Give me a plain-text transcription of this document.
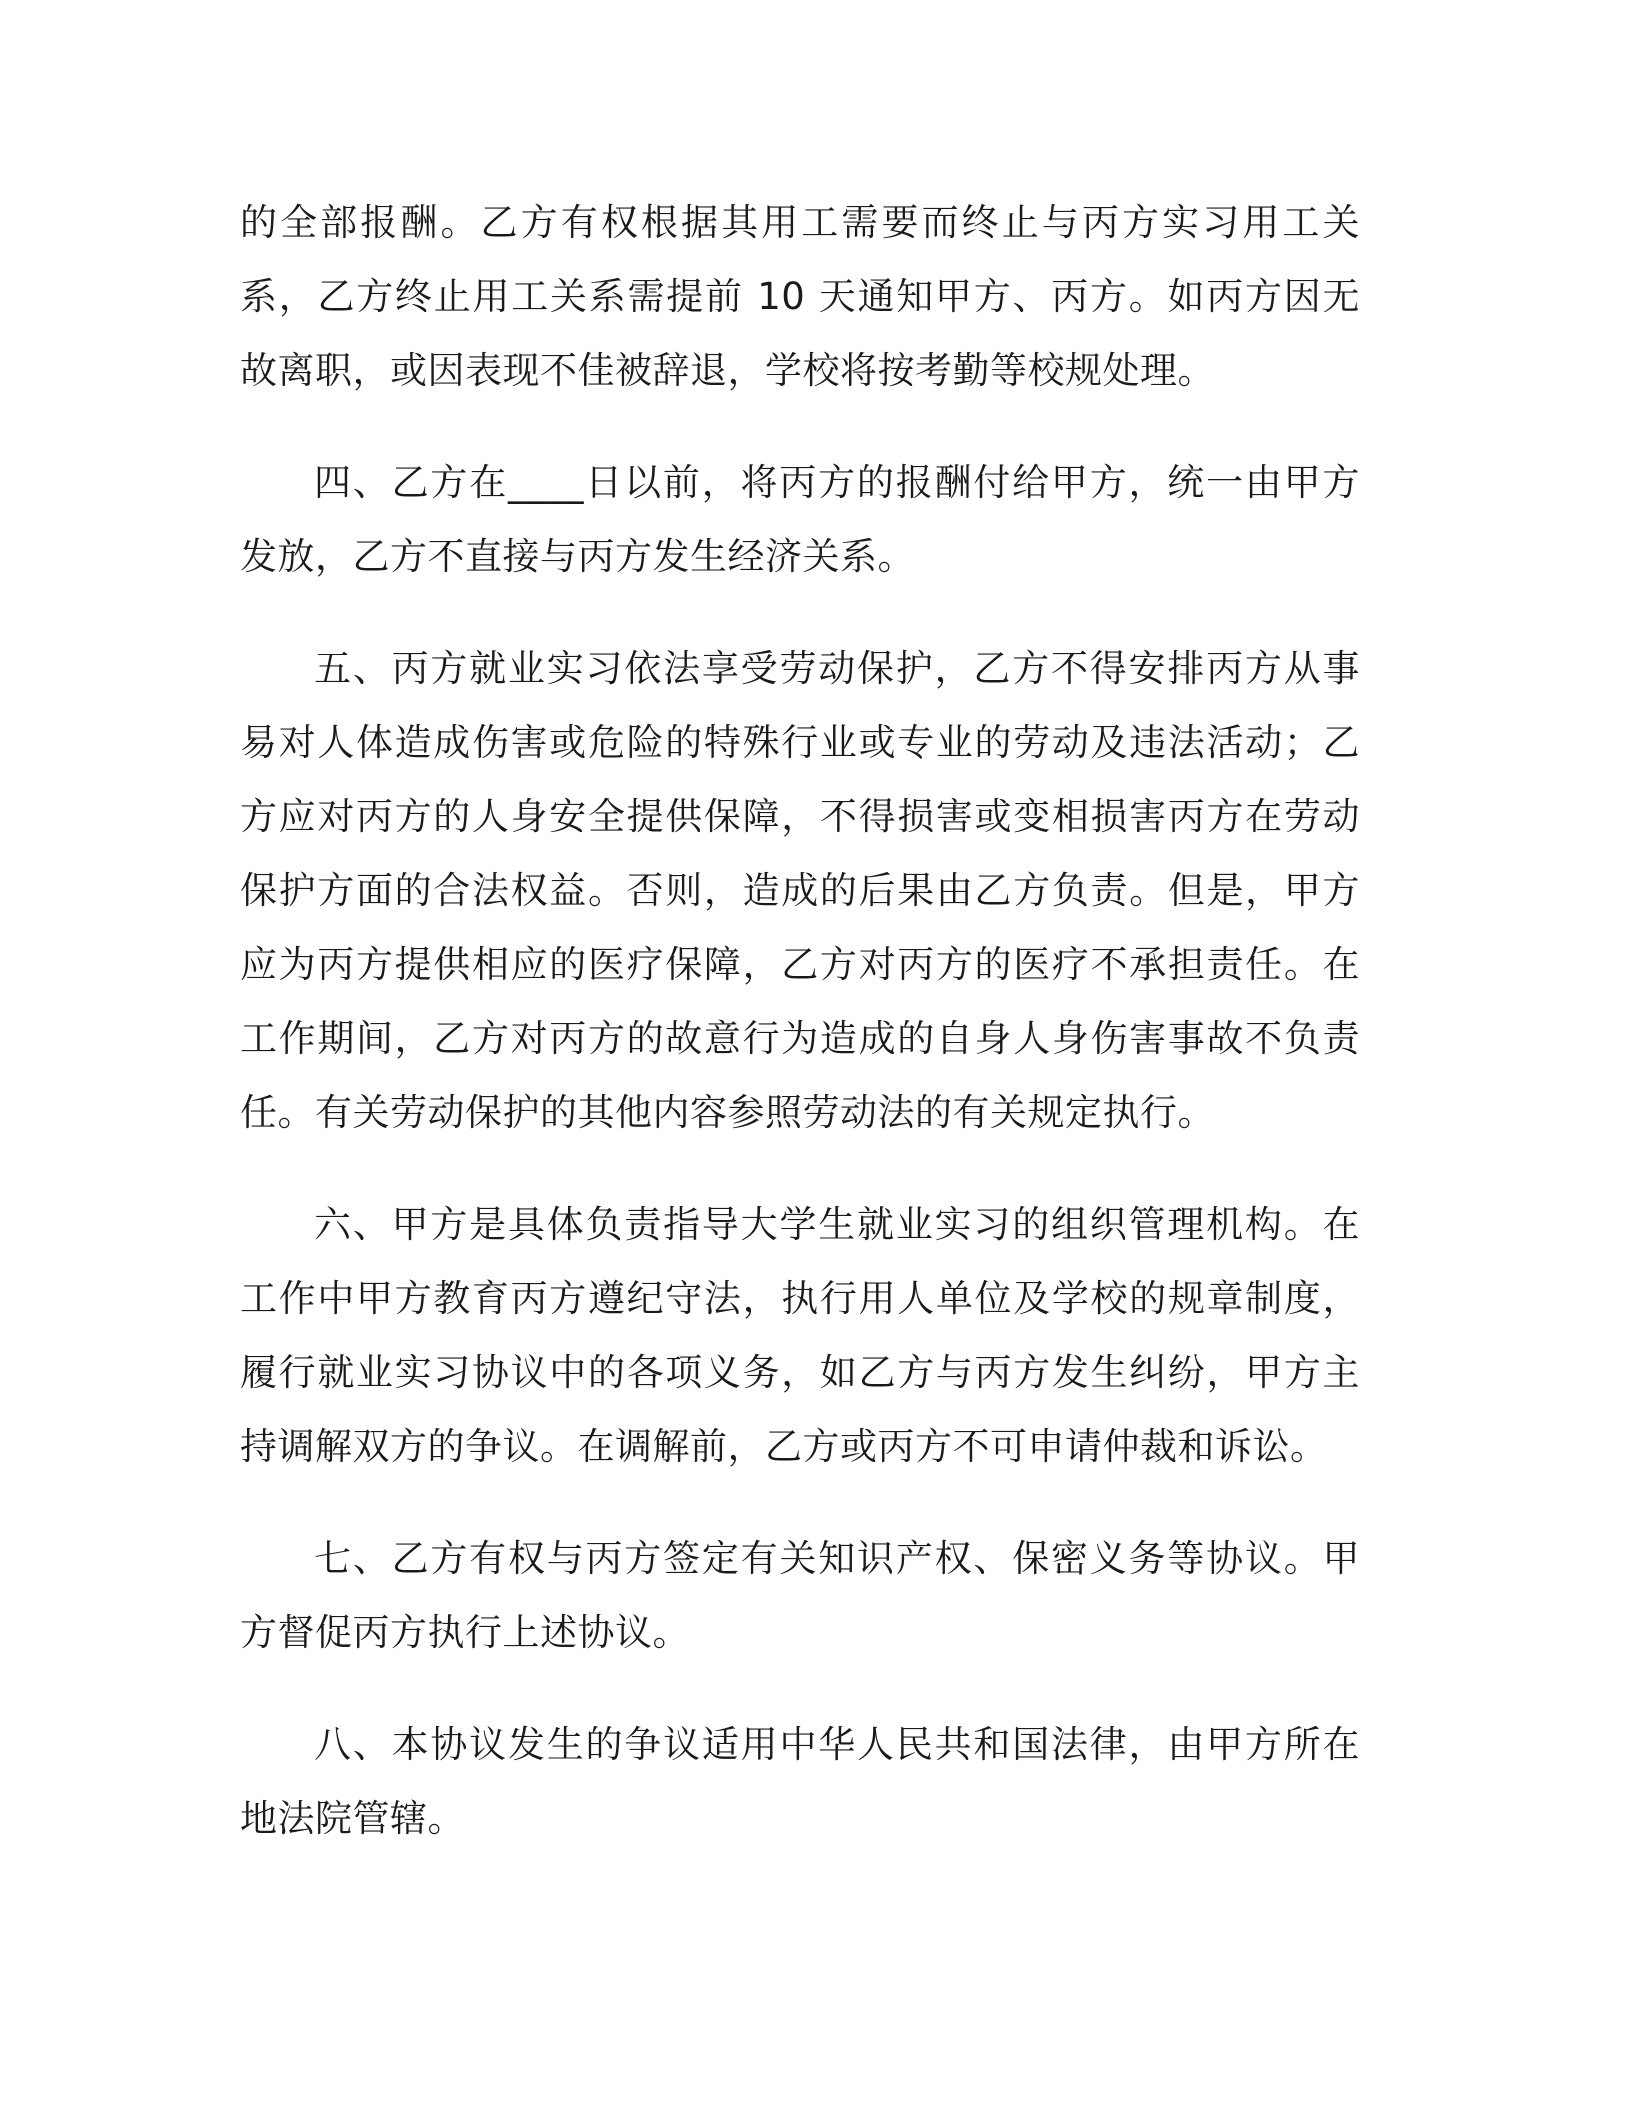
的全部报酬。乙方有权根据其用工需要而终止与丙方实习用工关系，乙方终止用工关系需提前 10 天通知甲方、丙方。如丙方因无故离职，或因表现不佳被辞退，学校将按考勤等校规处理。

四、乙方在____日以前，将丙方的报酬付给甲方，统一由甲方发放，乙方不直接与丙方发生经济关系。

五、丙方就业实习依法享受劳动保护，乙方不得安排丙方从事易对人体造成伤害或危险的特殊行业或专业的劳动及违法活动；乙方应对丙方的人身安全提供保障，不得损害或变相损害丙方在劳动保护方面的合法权益。否则，造成的后果由乙方负责。但是，甲方应为丙方提供相应的医疗保障，乙方对丙方的医疗不承担责任。在工作期间，乙方对丙方的故意行为造成的自身人身伤害事故不负责任。有关劳动保护的其他内容参照劳动法的有关规定执行。

六、甲方是具体负责指导大学生就业实习的组织管理机构。在工作中甲方教育丙方遵纪守法，执行用人单位及学校的规章制度，履行就业实习协议中的各项义务，如乙方与丙方发生纠纷，甲方主持调解双方的争议。在调解前，乙方或丙方不可申请仲裁和诉讼。

七、乙方有权与丙方签定有关知识产权、保密义务等协议。甲方督促丙方执行上述协议。

八、本协议发生的争议适用中华人民共和国法律，由甲方所在地法院管辖。
